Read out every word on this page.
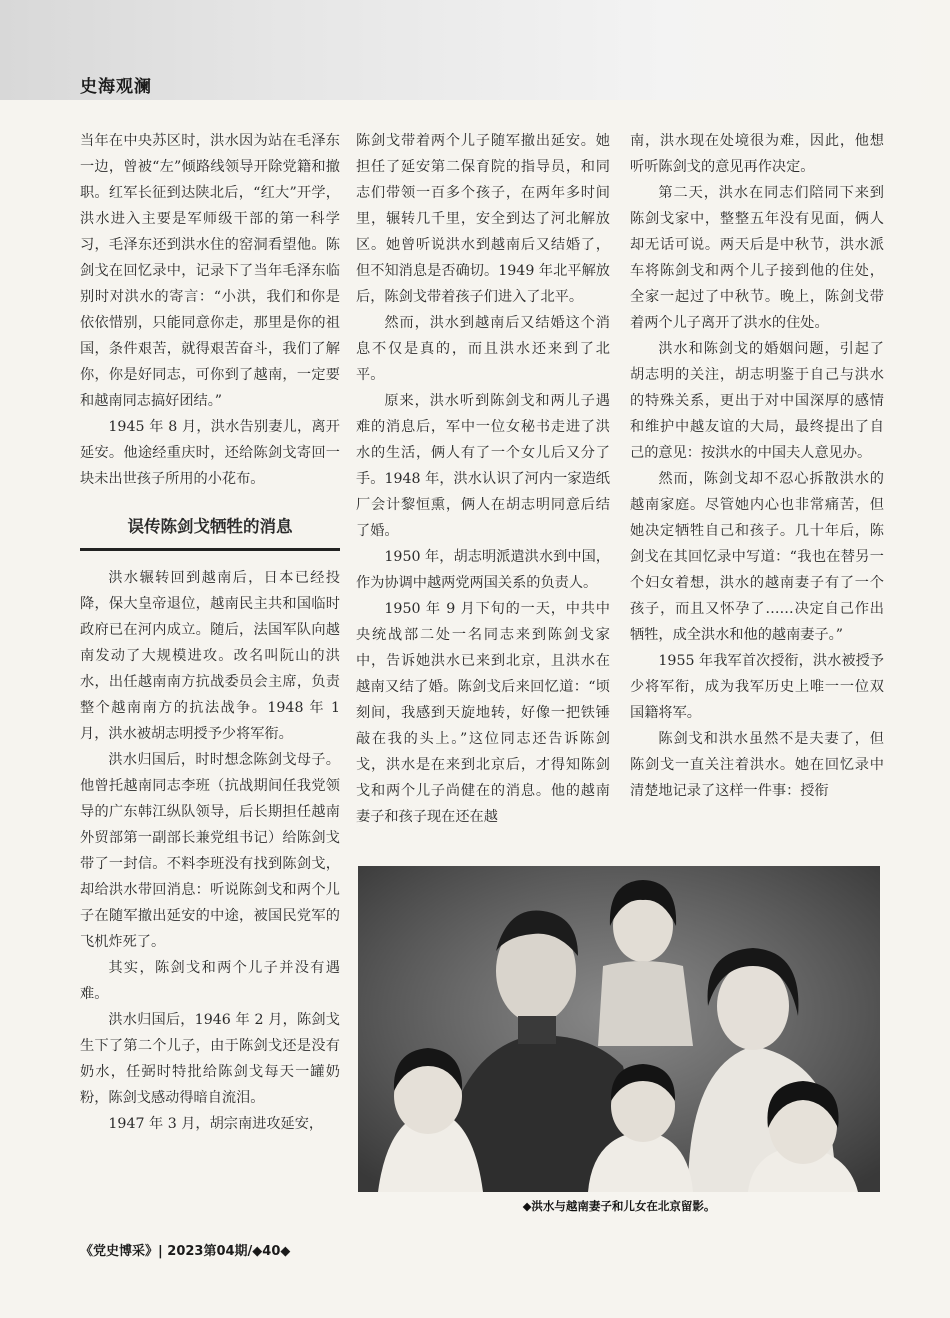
史海观澜

当年在中央苏区时，洪水因为站在毛泽东一边，曾被“左”倾路线领导开除党籍和撤职。红军长征到达陕北后，“红大”开学，洪水进入主要是军师级干部的第一科学习，毛泽东还到洪水住的窑洞看望他。陈剑戈在回忆录中，记录下了当年毛泽东临别时对洪水的寄言：“小洪，我们和你是依依惜别，只能同意你走，那里是你的祖国，条件艰苦，就得艰苦奋斗，我们了解你，你是好同志，可你到了越南，一定要和越南同志搞好团结。”

1945 年 8 月，洪水告别妻儿，离开延安。他途经重庆时，还给陈剑戈寄回一块未出世孩子所用的小花布。

误传陈剑戈牺牲的消息

洪水辗转回到越南后，日本已经投降，保大皇帝退位，越南民主共和国临时政府已在河内成立。随后，法国军队向越南发动了大规模进攻。改名叫阮山的洪水，出任越南南方抗战委员会主席，负责整个越南南方的抗法战争。1948 年 1 月，洪水被胡志明授予少将军衔。

洪水归国后，时时想念陈剑戈母子。他曾托越南同志李班（抗战期间任我党领导的广东韩江纵队领导，后长期担任越南外贸部第一副部长兼党组书记）给陈剑戈带了一封信。不料李班没有找到陈剑戈，却给洪水带回消息：听说陈剑戈和两个儿子在随军撤出延安的中途，被国民党军的飞机炸死了。

其实，陈剑戈和两个儿子并没有遇难。

洪水归国后，1946 年 2 月，陈剑戈生下了第二个儿子，由于陈剑戈还是没有奶水，任弼时特批给陈剑戈每天一罐奶粉，陈剑戈感动得暗自流泪。

1947 年 3 月，胡宗南进攻延安，

陈剑戈带着两个儿子随军撤出延安。她担任了延安第二保育院的指导员，和同志们带领一百多个孩子，在两年多时间里，辗转几千里，安全到达了河北解放区。她曾听说洪水到越南后又结婚了，但不知消息是否确切。1949 年北平解放后，陈剑戈带着孩子们进入了北平。

然而，洪水到越南后又结婚这个消息不仅是真的，而且洪水还来到了北平。

原来，洪水听到陈剑戈和两儿子遇难的消息后，军中一位女秘书走进了洪水的生活，俩人有了一个女儿后又分了手。1948 年，洪水认识了河内一家造纸厂会计黎恒熏，俩人在胡志明同意后结了婚。

1950 年，胡志明派遣洪水到中国，作为协调中越两党两国关系的负责人。

1950 年 9 月下旬的一天，中共中央统战部二处一名同志来到陈剑戈家中，告诉她洪水已来到北京，且洪水在越南又结了婚。陈剑戈后来回忆道：“顷刻间，我感到天旋地转，好像一把铁锤敲在我的头上。”这位同志还告诉陈剑戈，洪水是在来到北京后，才得知陈剑戈和两个儿子尚健在的消息。他的越南妻子和孩子现在还在越

南，洪水现在处境很为难，因此，他想听听陈剑戈的意见再作决定。

第二天，洪水在同志们陪同下来到陈剑戈家中，整整五年没有见面，俩人却无话可说。两天后是中秋节，洪水派车将陈剑戈和两个儿子接到他的住处，全家一起过了中秋节。晚上，陈剑戈带着两个儿子离开了洪水的住处。

洪水和陈剑戈的婚姻问题，引起了胡志明的关注，胡志明鉴于自己与洪水的特殊关系，更出于对中国深厚的感情和维护中越友谊的大局，最终提出了自己的意见：按洪水的中国夫人意见办。

然而，陈剑戈却不忍心拆散洪水的越南家庭。尽管她内心也非常痛苦，但她决定牺牲自己和孩子。几十年后，陈剑戈在其回忆录中写道：“我也在替另一个妇女着想，洪水的越南妻子有了一个孩子，而且又怀孕了……决定自己作出牺牲，成全洪水和他的越南妻子。”

1955 年我军首次授衔，洪水被授予少将军衔，成为我军历史上唯一一位双国籍将军。

陈剑戈和洪水虽然不是夫妻了，但陈剑戈一直关注着洪水。她在回忆录中清楚地记录了这样一件事：授衔

◆洪水与越南妻子和儿女在北京留影。
《党史博采》| 2023第04期/◆40◆
